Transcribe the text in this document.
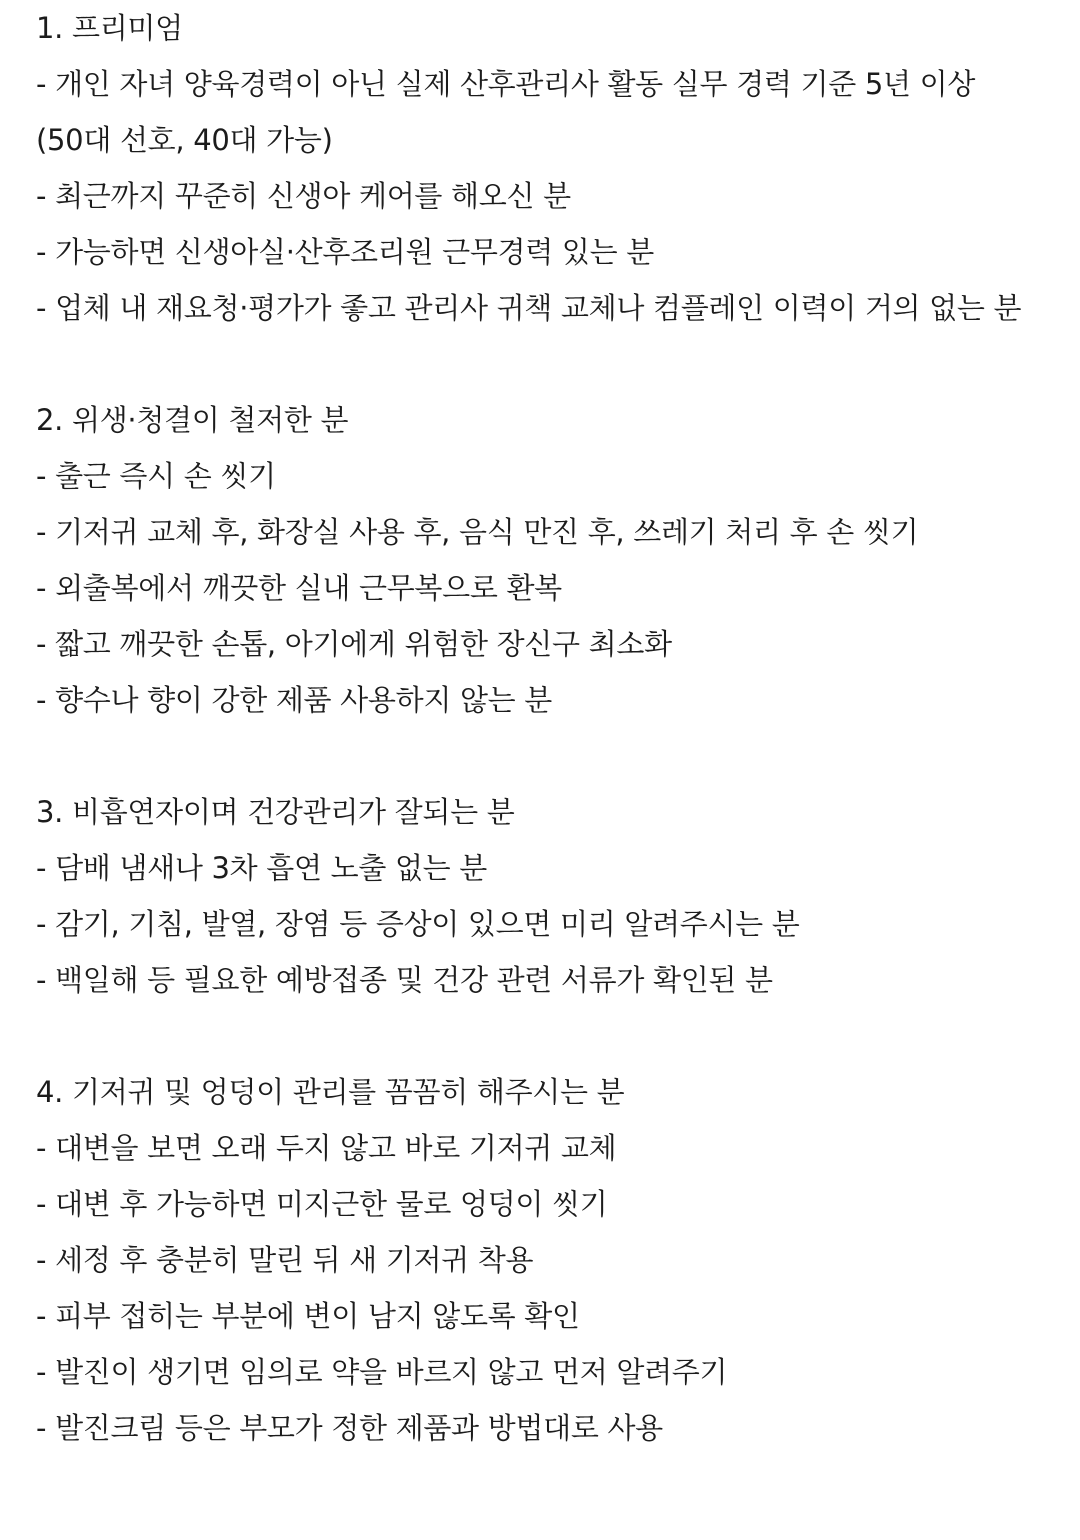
1. 프리미엄
- 개인 자녀 양육경력이 아닌 실제 산후관리사 활동 실무 경력 기준 5년 이상 (50대 선호, 40대 가능)
- 최근까지 꾸준히 신생아 케어를 해오신 분
- 가능하면 신생아실·산후조리원 근무경력 있는 분
- 업체 내 재요청·평가가 좋고 관리사 귀책 교체나 컴플레인 이력이 거의 없는 분
2. 위생·청결이 철저한 분
- 출근 즉시 손 씻기
- 기저귀 교체 후, 화장실 사용 후, 음식 만진 후, 쓰레기 처리 후 손 씻기
- 외출복에서 깨끗한 실내 근무복으로 환복
- 짧고 깨끗한 손톱, 아기에게 위험한 장신구 최소화
- 향수나 향이 강한 제품 사용하지 않는 분
3. 비흡연자이며 건강관리가 잘되는 분
- 담배 냄새나 3차 흡연 노출 없는 분
- 감기, 기침, 발열, 장염 등 증상이 있으면 미리 알려주시는 분
- 백일해 등 필요한 예방접종 및 건강 관련 서류가 확인된 분
4. 기저귀 및 엉덩이 관리를 꼼꼼히 해주시는 분
- 대변을 보면 오래 두지 않고 바로 기저귀 교체
- 대변 후 가능하면 미지근한 물로 엉덩이 씻기
- 세정 후 충분히 말린 뒤 새 기저귀 착용
- 피부 접히는 부분에 변이 남지 않도록 확인
- 발진이 생기면 임의로 약을 바르지 않고 먼저 알려주기
- 발진크림 등은 부모가 정한 제품과 방법대로 사용
